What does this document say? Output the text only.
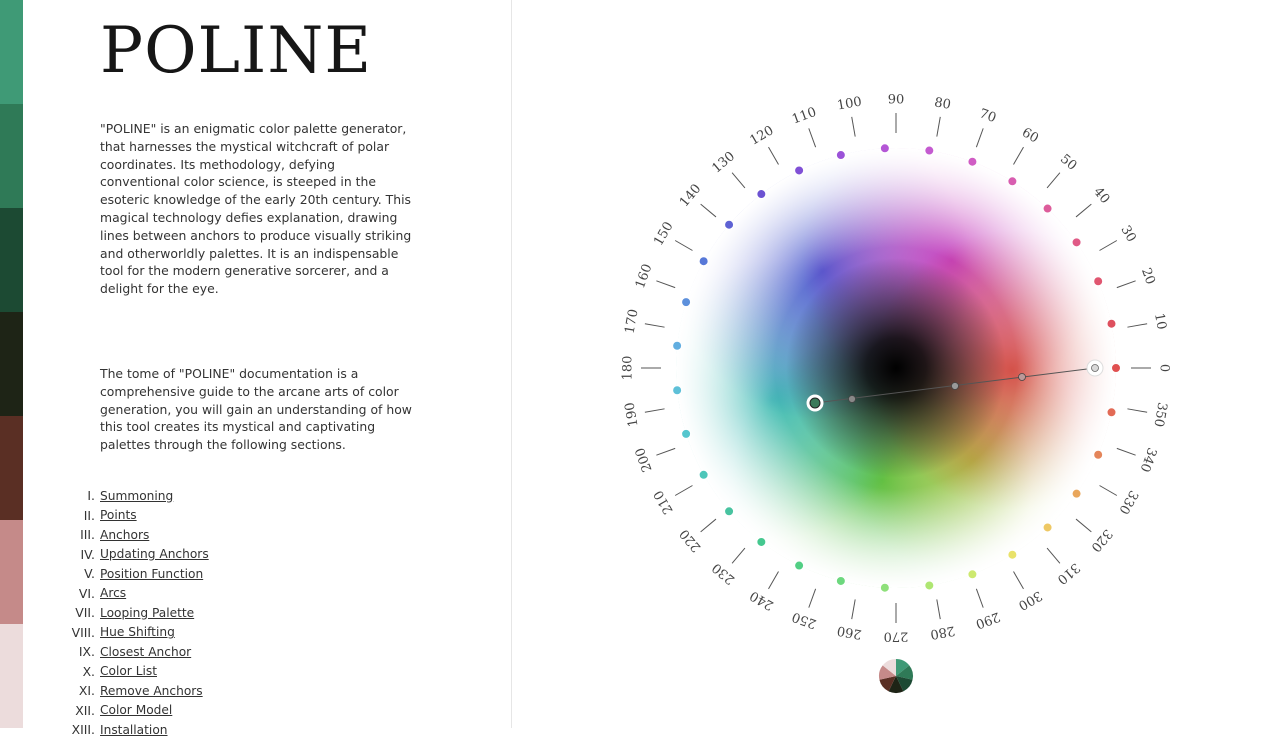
POLINE

"POLINE" is an enigmatic color palette generator, that harnesses the mystical witchcraft of polar coordinates. Its methodology, defying conventional color science, is steeped in the esoteric knowledge of the early 20th century. This magical technology defies explanation, drawing lines between anchors to produce visually striking and otherworldly palettes. It is an indispensable tool for the modern generative sorcerer, and a delight for the eye.

The tome of "POLINE" documentation is a comprehensive guide to the arcane arts of color generation, you will gain an understanding of how this tool creates its mystical and captivating palettes through the following sections.

I. Summoning
II. Points
III. Anchors
IV. Updating Anchors
V. Position Function
VI. Arcs
VII. Looping Palette
VIII. Hue Shifting
IX. Closest Anchor
X. Color List
XI. Remove Anchors
XII. Color Model
XIII. Installation
0
10
20
30
40
50
60
70
80
90
100
110
120
130
140
150
160
170
180
190
200
210
220
230
240
250
260 270 280
290
300
310
320
330
340
350
